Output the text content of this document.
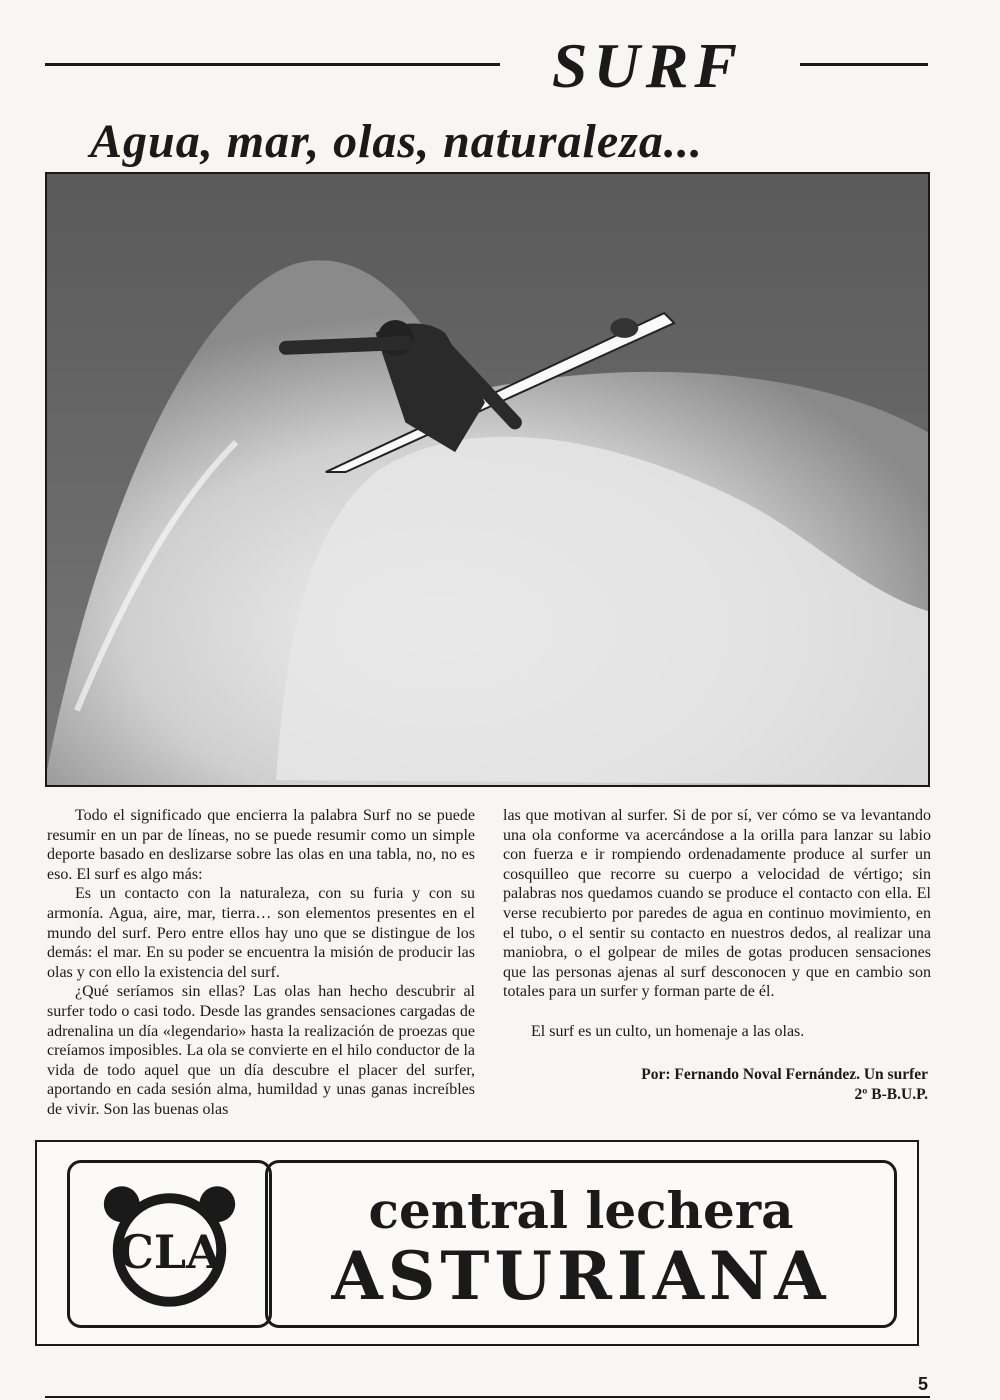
SURF
Agua, mar, olas, naturaleza...

Todo el significado que encierra la palabra Surf no se puede resumir en un par de líneas, no se puede resumir como un simple deporte basado en deslizarse sobre las olas en una tabla, no, no es eso. El surf es algo más:

Es un contacto con la naturaleza, con su furia y con su armonía. Agua, aire, mar, tierra… son elementos presentes en el mundo del surf. Pero entre ellos hay uno que se distingue de los demás: el mar. En su poder se encuentra la misión de producir las olas y con ello la existencia del surf.

¿Qué seríamos sin ellas? Las olas han hecho descubrir al surfer todo o casi todo. Desde las grandes sensaciones cargadas de adrenalina un día «legendario» hasta la realización de proezas que creíamos imposibles. La ola se convierte en el hilo conductor de la vida de todo aquel que un día descubre el placer del surfer, aportando en cada sesión alma, humildad y unas ganas increíbles de vivir. Son las buenas olas

las que motivan al surfer. Si de por sí, ver cómo se va levantando una ola conforme va acercándose a la orilla para lanzar su labio con fuerza e ir rompiendo ordenadamente produce al surfer un cosquilleo que recorre su cuerpo a velocidad de vértigo; sin palabras nos quedamos cuando se produce el contacto con ella. El verse recubierto por paredes de agua en continuo movimiento, en el tubo, o el sentir su contacto en nuestros dedos, al realizar una maniobra, o el golpear de miles de gotas producen sensaciones que las personas ajenas al surf desconocen y que en cambio son totales para un surfer y forman parte de él.

El surf es un culto, un homenaje a las olas.

Por: Fernando Noval Fernández. Un surfer
2º B-B.U.P.
CLA
central lechera
ASTURIANA
5
